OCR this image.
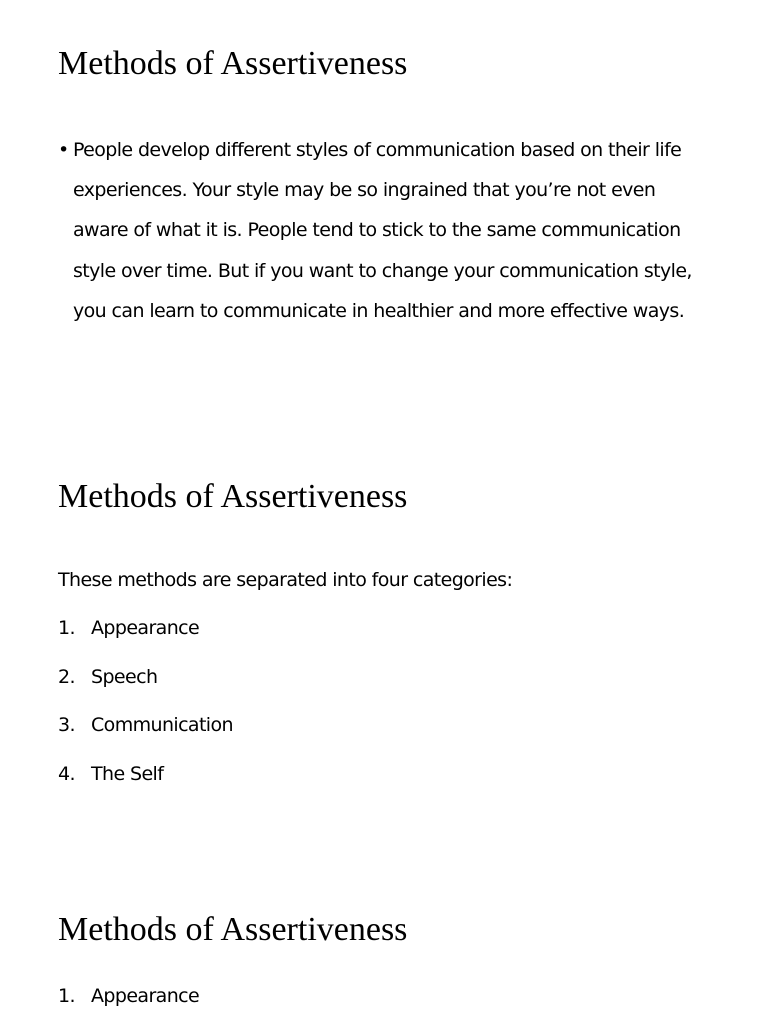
Methods of Assertiveness
• People develop different styles of communication based on their life experiences. Your style may be so ingrained that you’re not even aware of what it is. People tend to stick to the same communication style over time. But if you want to change your communication style, you can learn to communicate in healthier and more effective ways.

Methods of Assertiveness

These methods are separated into four categories:

1. Appearance
2. Speech
3. Communication
4. The Self
Methods of Assertiveness
1. Appearance
